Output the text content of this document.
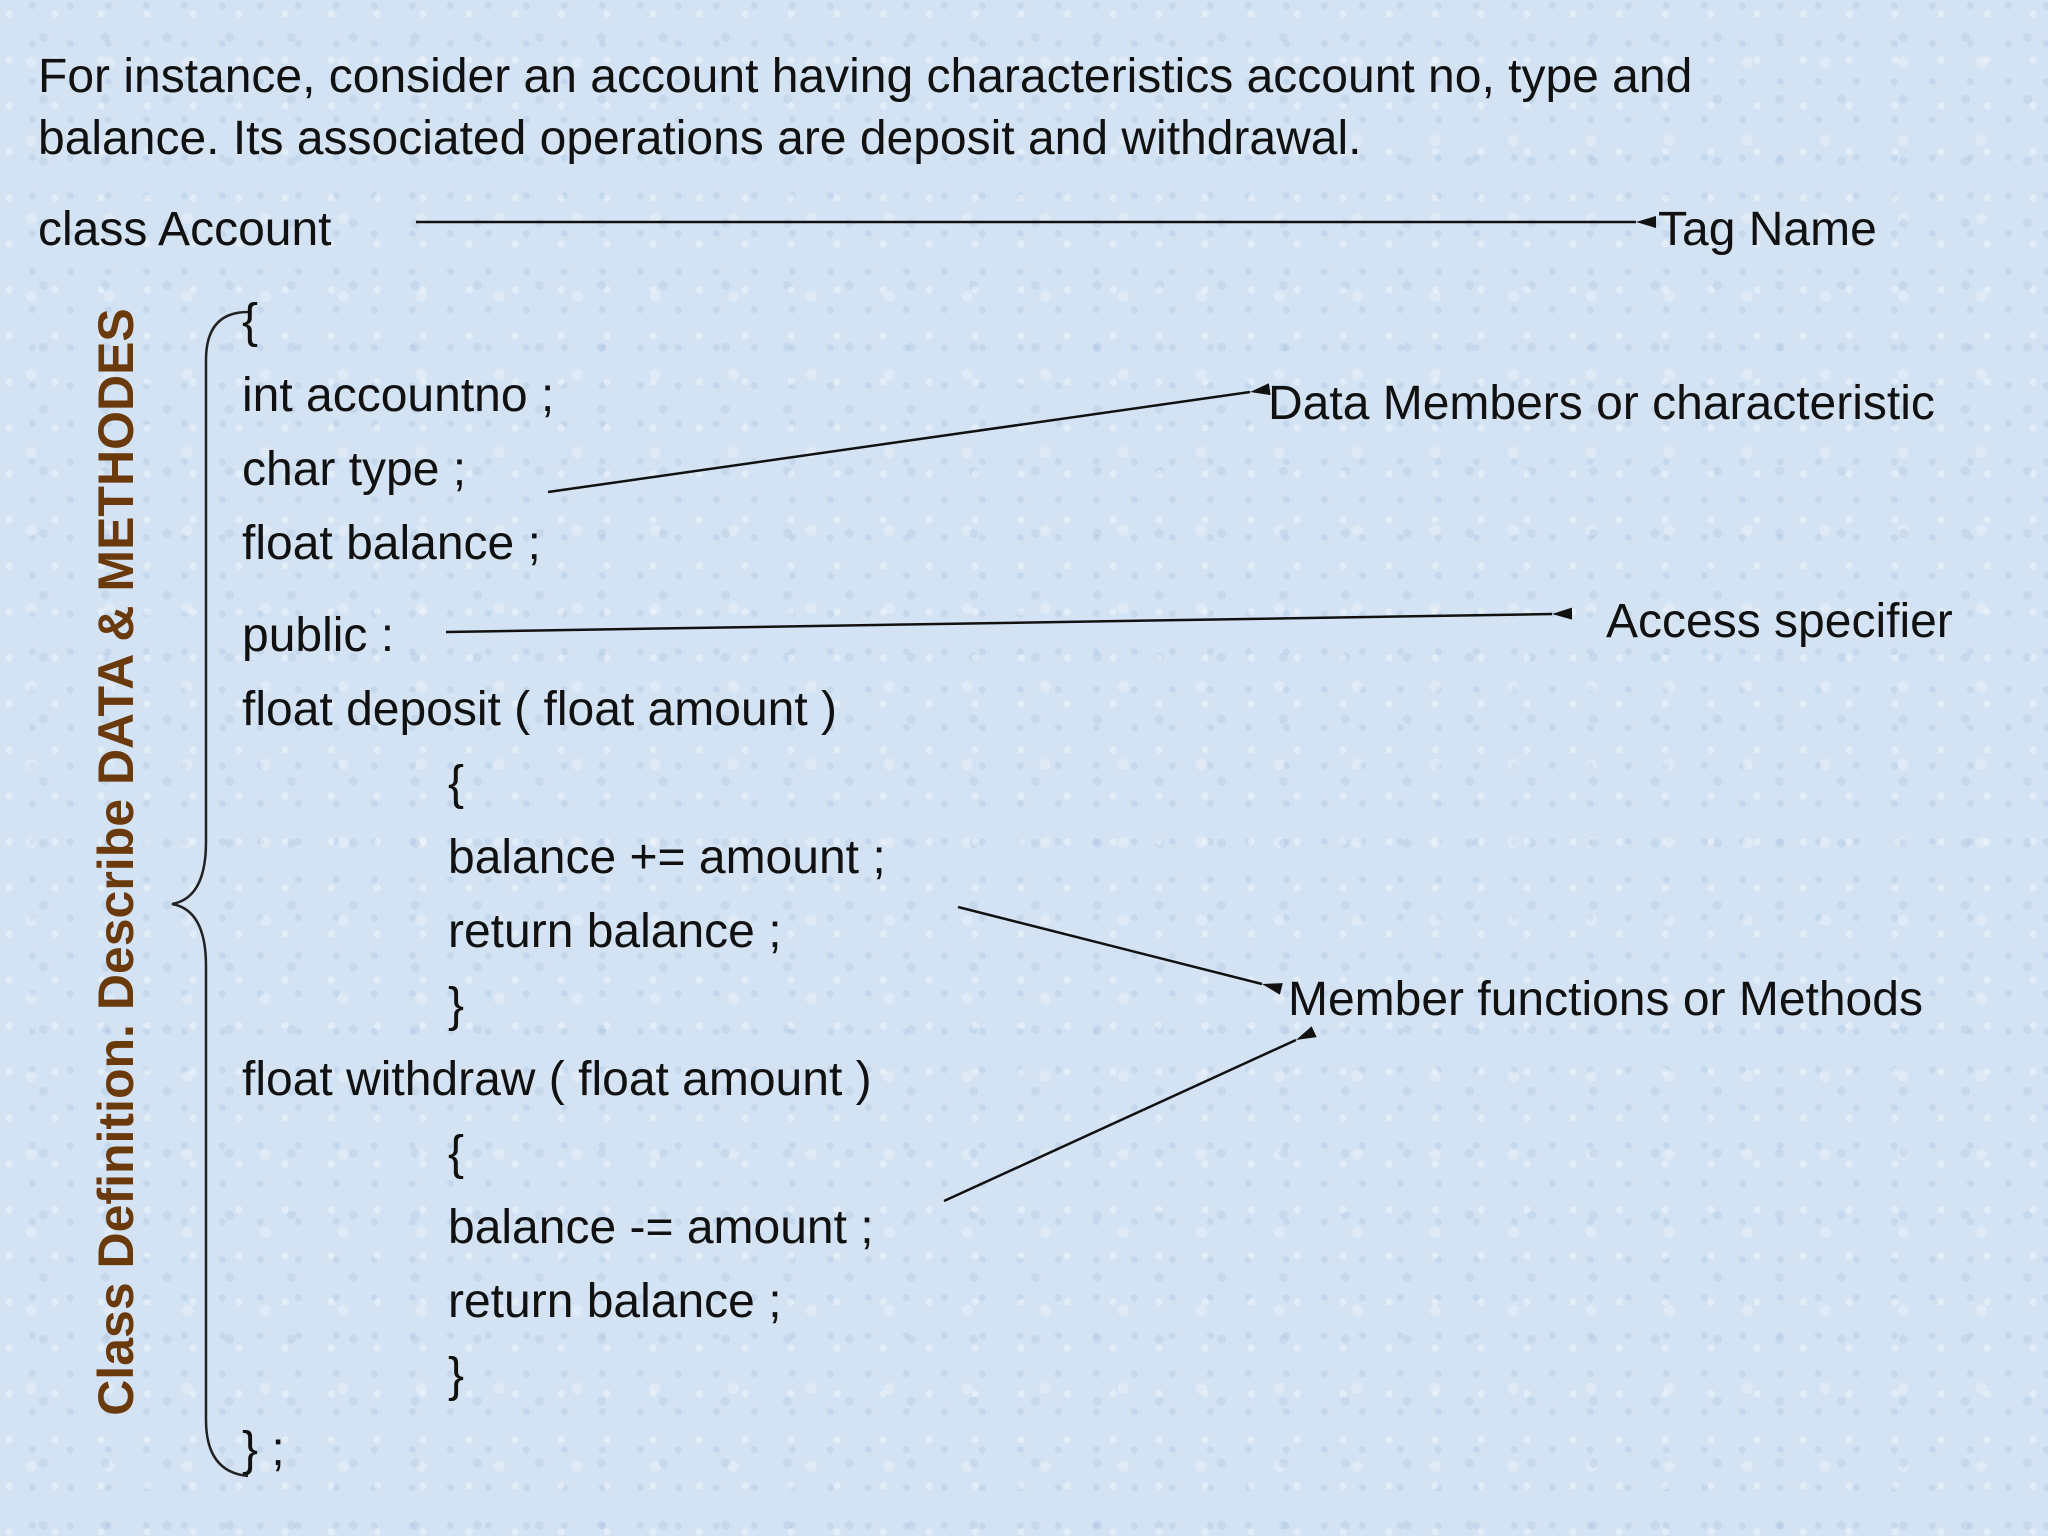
For instance, consider an account having characteristics account no, type and
balance. Its associated operations are deposit and withdrawal.

class Account
Class Definition. Describe DATA & METHODES {
int accountno ;
char type ;
float balance ;
public :
float deposit ( float amount )
{
balance += amount ;
return balance ;
}
float withdraw ( float amount )
{
balance -= amount ;
return balance ;
}
} ;
Tag Name
Data Members or characteristic
Access specifier
Member functions or Methods
